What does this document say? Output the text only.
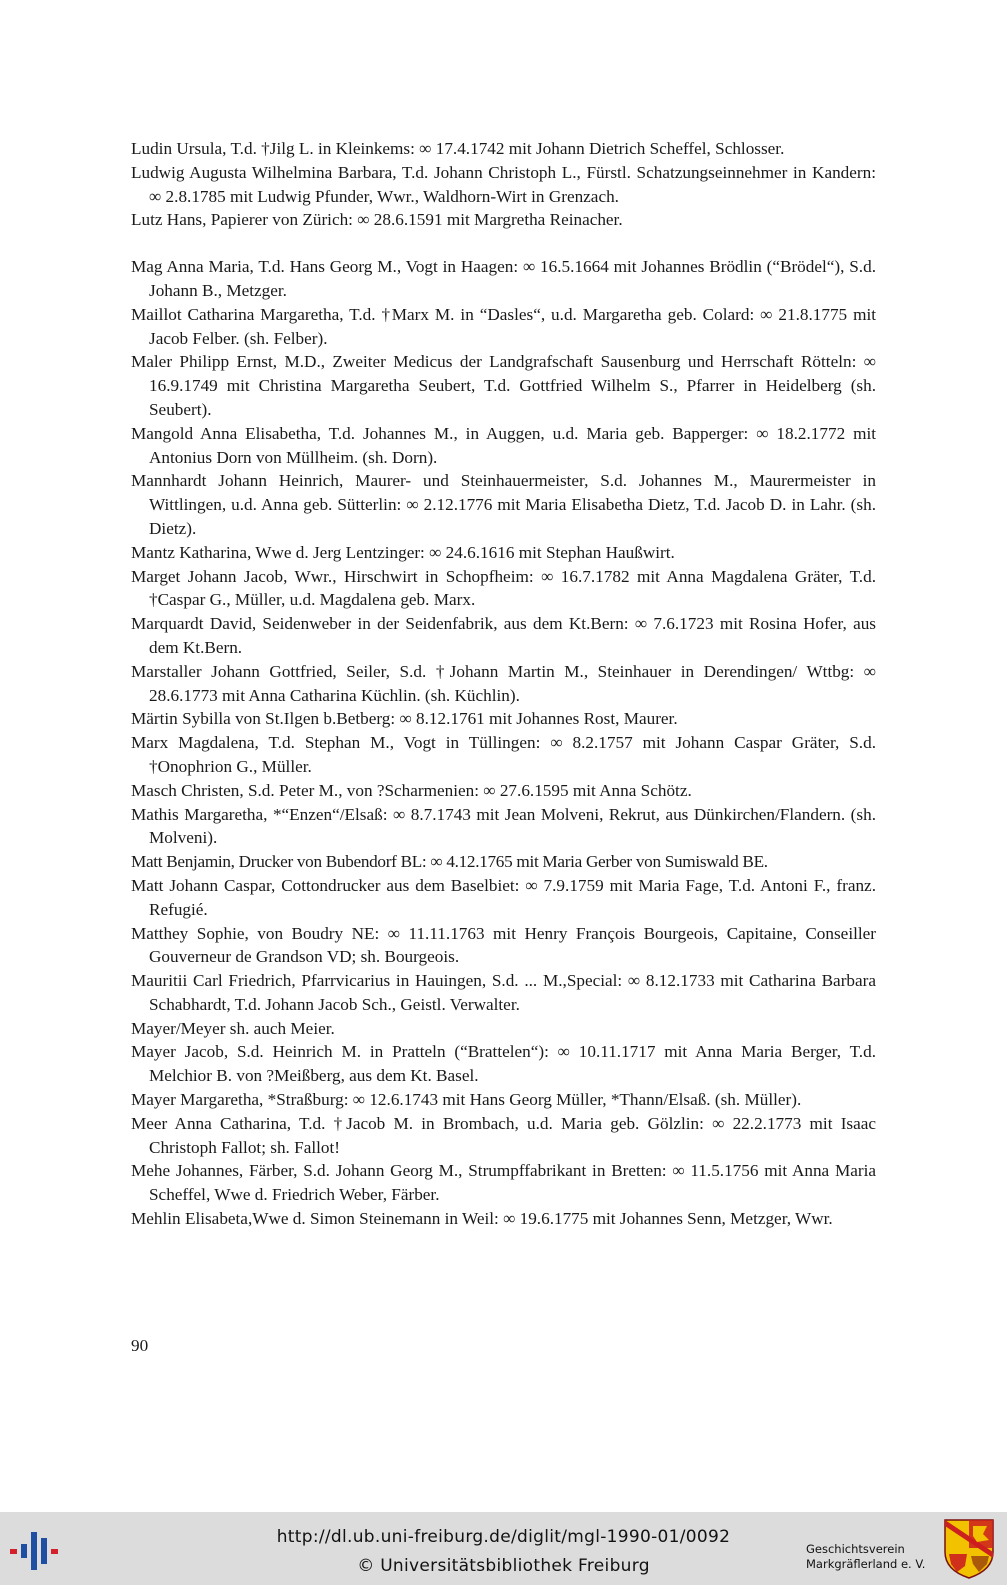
Ludin Ursula, T.d. †Jilg L. in Kleinkems: ∞ 17.4.1742 mit Johann Dietrich Scheffel, Schlosser.

Ludwig Augusta Wilhelmina Barbara, T.d. Johann Christoph L., Fürstl. Schatzungseinnehmer in Kandern: ∞ 2.8.1785 mit Ludwig Pfunder, Wwr., Waldhorn-Wirt in Grenzach.

Lutz Hans, Papierer von Zürich: ∞ 28.6.1591 mit Margretha Reinacher.

Mag Anna Maria, T.d. Hans Georg M., Vogt in Haagen: ∞ 16.5.1664 mit Johannes Brödlin (“Brödel“), S.d. Johann B., Metzger.

Maillot Catharina Margaretha, T.d. †Marx M. in “Dasles“, u.d. Margaretha geb. Colard: ∞ 21.8.1775 mit Jacob Felber. (sh. Felber).

Maler Philipp Ernst, M.D., Zweiter Medicus der Landgrafschaft Sausenburg und Herrschaft Rötteln: ∞ 16.9.1749 mit Christina Margaretha Seubert, T.d. Gottfried Wilhelm S., Pfarrer in Heidelberg (sh. Seubert).

Mangold Anna Elisabetha, T.d. Johannes M., in Auggen, u.d. Maria geb. Bapperger: ∞ 18.2.1772 mit Antonius Dorn von Müllheim. (sh. Dorn).

Mannhardt Johann Heinrich, Maurer- und Steinhauermeister, S.d. Johannes M., Maurermeister in Wittlingen, u.d. Anna geb. Sütterlin: ∞ 2.12.1776 mit Maria Elisabetha Dietz, T.d. Jacob D. in Lahr. (sh. Dietz).

Mantz Katharina, Wwe d. Jerg Lentzinger: ∞ 24.6.1616 mit Stephan Haußwirt.

Marget Johann Jacob, Wwr., Hirschwirt in Schopfheim: ∞ 16.7.1782 mit Anna Magdalena Gräter, T.d. †Caspar G., Müller, u.d. Magdalena geb. Marx.

Marquardt David, Seidenweber in der Seidenfabrik, aus dem Kt.Bern: ∞ 7.6.1723 mit Rosina Hofer, aus dem Kt.Bern.

Marstaller Johann Gottfried, Seiler, S.d. †Johann Martin M., Steinhauer in Derendingen/ Wttbg: ∞ 28.6.1773 mit Anna Catharina Küchlin. (sh. Küchlin).

Märtin Sybilla von St.Ilgen b.Betberg: ∞ 8.12.1761 mit Johannes Rost, Maurer.

Marx Magdalena, T.d. Stephan M., Vogt in Tüllingen: ∞ 8.2.1757 mit Johann Caspar Gräter, S.d. †Onophrion G., Müller.

Masch Christen, S.d. Peter M., von ?Scharmenien: ∞ 27.6.1595 mit Anna Schötz.

Mathis Margaretha, *“Enzen“/Elsaß: ∞ 8.7.1743 mit Jean Molveni, Rekrut, aus Dünkirchen/Flandern. (sh. Molveni).

Matt Benjamin, Drucker von Bubendorf BL: ∞ 4.12.1765 mit Maria Gerber von Sumiswald BE.

Matt Johann Caspar, Cottondrucker aus dem Baselbiet: ∞ 7.9.1759 mit Maria Fage, T.d. Antoni F., franz. Refugié.

Matthey Sophie, von Boudry NE: ∞ 11.11.1763 mit Henry François Bourgeois, Capitaine, Conseiller Gouverneur de Grandson VD; sh. Bourgeois.

Mauritii Carl Friedrich, Pfarrvicarius in Hauingen, S.d. ... M.,Special: ∞ 8.12.1733 mit Catharina Barbara Schabhardt, T.d. Johann Jacob Sch., Geistl. Verwalter.

Mayer/Meyer sh. auch Meier.

Mayer Jacob, S.d. Heinrich M. in Pratteln (“Brattelen“): ∞ 10.11.1717 mit Anna Maria Berger, T.d. Melchior B. von ?Meißberg, aus dem Kt. Basel.

Mayer Margaretha, *Straßburg: ∞ 12.6.1743 mit Hans Georg Müller, *Thann/Elsaß. (sh. Müller).

Meer Anna Catharina, T.d. †Jacob M. in Brombach, u.d. Maria geb. Gölzlin: ∞ 22.2.1773 mit Isaac Christoph Fallot; sh. Fallot!

Mehe Johannes, Färber, S.d. Johann Georg M., Strumpffabrikant in Bretten: ∞ 11.5.1756 mit Anna Maria Scheffel, Wwe d. Friedrich Weber, Färber.

Mehlin Elisabeta,Wwe d. Simon Steinemann in Weil: ∞ 19.6.1775 mit Johannes Senn, Metzger, Wwr.

90
http://dl.ub.uni-freiburg.de/diglit/mgl-1990-01/0092
© Universitätsbibliothek Freiburg
Geschichtsverein
Markgräflerland e. V.
